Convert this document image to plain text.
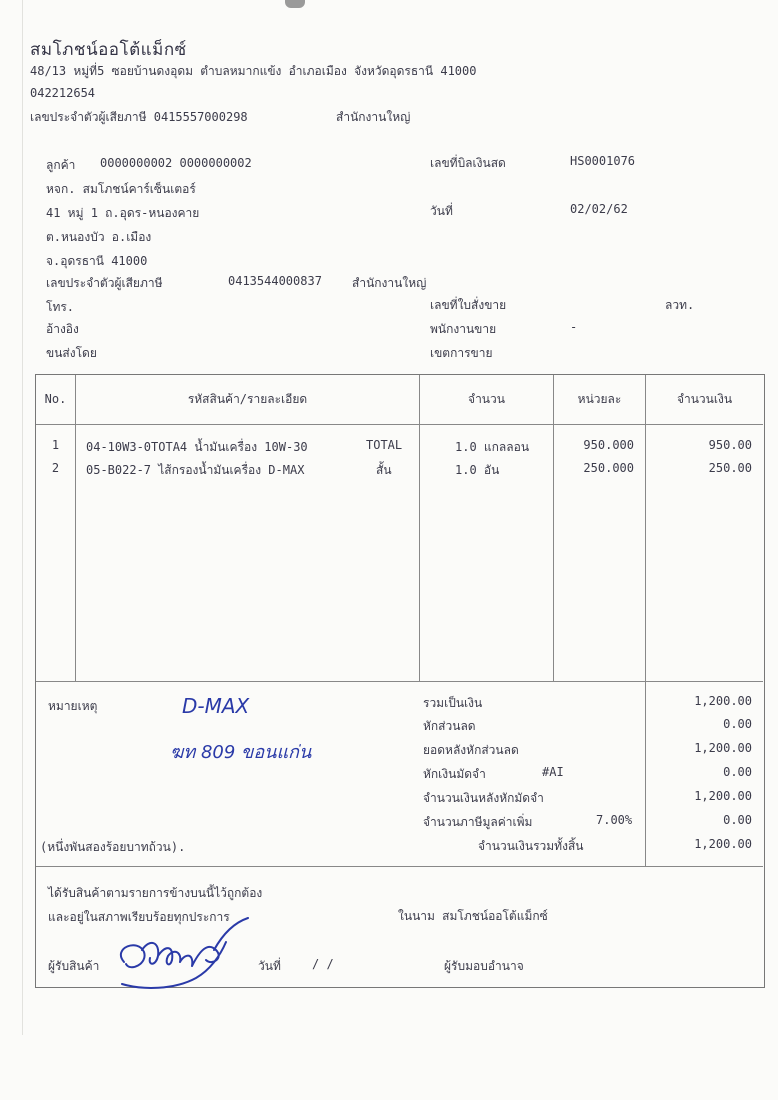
สมโภชน์ออโต้แม็กซ์
48/13 หมู่ที่5 ซอยบ้านดงอุดม ตำบลหมากแข้ง อำเภอเมือง จังหวัดอุดรธานี 41000
042212654
เลขประจำตัวผู้เสียภาษี 0415557000298	สำนักงานใหญ่
ลูกค้า 0000000002 0000000002
หจก. สมโภชน์คาร์เซ็นเตอร์
41 หมู่ 1 ถ.อุดร-หนองคาย
ต.หนองบัว อ.เมือง
จ.อุดรธานี 41000
เลขประจำตัวผู้เสียภาษี	0413544000837	สำนักงานใหญ่
โทร.
อ้างอิง
ขนส่งโดย
เลขที่บิลเงินสด	HS0001076
วันที่	02/02/62
เลขที่ใบสั่งขาย	ลวท.
พนักงานขาย	-
เขตการขาย
No.	รหัสสินค้า/รายละเอียด	จำนวน	หน่วยละ	จำนวนเงิน
1	04-10W3-0TOTA4 น้ำมันเครื่อง 10W-30	TOTAL	1.0 แกลลอน	950.000	950.00
2	05-B022-7 ไส้กรองน้ำมันเครื่อง D-MAX	สั้น	1.0 อัน	250.000	250.00
หมายเหตุ	D-MAX
ฆท 809 ขอนแก่น
(หนึ่งพันสองร้อยบาทถ้วน).
รวมเป็นเงิน	1,200.00
หักส่วนลด	0.00
ยอดหลังหักส่วนลด	1,200.00
หักเงินมัดจำ	#AI	0.00
จำนวนเงินหลังหักมัดจำ	1,200.00
จำนวนภาษีมูลค่าเพิ่ม	7.00%	0.00
จำนวนเงินรวมทั้งสิ้น	1,200.00
ได้รับสินค้าตามรายการข้างบนนี้ไว้ถูกต้อง
และอยู่ในสภาพเรียบร้อยทุกประการ	ในนาม สมโภชน์ออโต้แม็กซ์
ผู้รับสินค้า	วันที่	/ /	ผู้รับมอบอำนาจ
